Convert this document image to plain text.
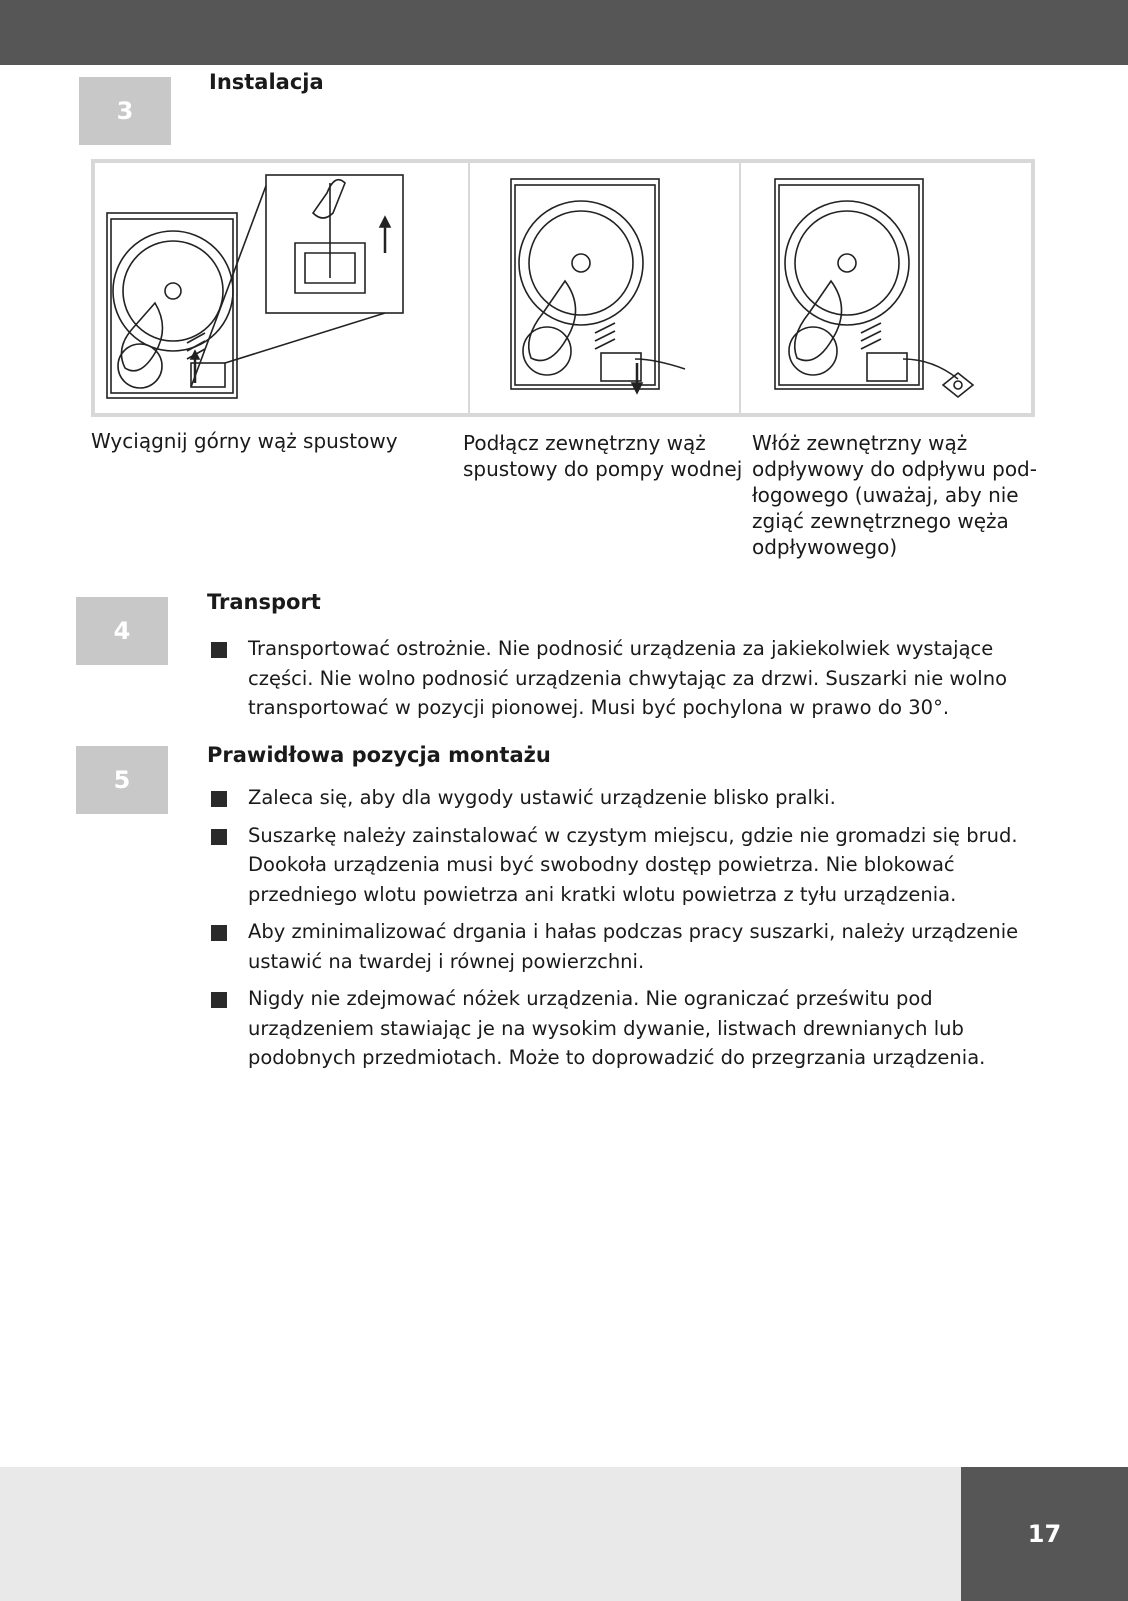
3
Instalacja
Wyciągnij górny wąż spustowy	Podłącz zewnętrzny wąż spustowy do pompy wodnej
Włóż zewnętrzny wąż odpływowy do odpływu pod-łogowego (uważaj, aby nie zgiąć zewnętrznego węża odpływowego)
4
Transport
Transportować ostrożnie. Nie podnosić urządzenia za jakiekolwiek wystające części. Nie wolno podnosić urządzenia chwytając za drzwi. Suszarki nie wolno transportować w pozycji pionowej. Musi być pochylona w prawo do 30°.
5
Prawidłowa pozycja montażu
Zaleca się, aby dla wygody ustawić urządzenie blisko pralki.
Suszarkę należy zainstalować w czystym miejscu, gdzie nie gromadzi się brud. Dookoła urządzenia musi być swobodny dostęp powietrza. Nie blokować przedniego wlotu powietrza ani kratki wlotu powietrza z tyłu urządzenia.
Aby zminimalizować drgania i hałas podczas pracy suszarki, należy urządzenie ustawić na twardej i równej powierzchni.
Nigdy nie zdejmować nóżek urządzenia. Nie ograniczać prześwitu pod urządzeniem stawiając je na wysokim dywanie, listwach drewnianych lub podobnych przedmiotach. Może to doprowadzić do przegrzania urządzenia.
17
